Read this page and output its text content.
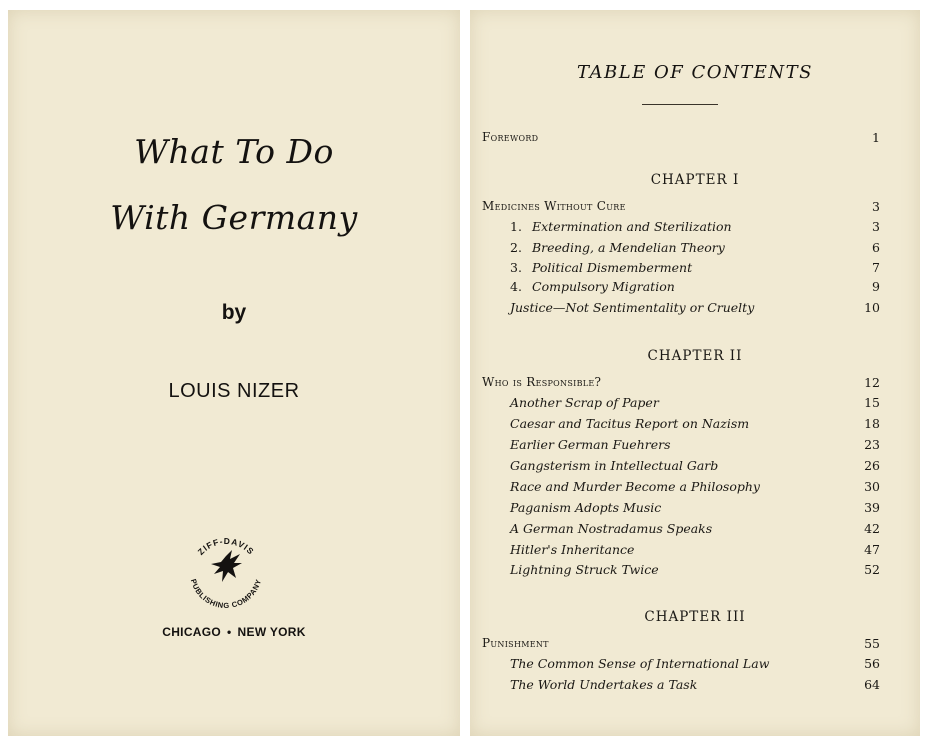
What To Do
With Germany
by
LOUIS NIZER
ZIFF-DAVIS
PUBLISHING COMPANY
CHICAGO • NEW YORK
TABLE OF CONTENTS
Foreword	1
CHAPTER I
Medicines Without Cure	3
1. Extermination and Sterilization	3
2. Breeding, a Mendelian Theory	6
3. Political Dismemberment	7
4. Compulsory Migration	9
Justice—Not Sentimentality or Cruelty	10
CHAPTER II
Who is Responsible?	12
Another Scrap of Paper	15
Caesar and Tacitus Report on Nazism	18
Earlier German Fuehrers	23
Gangsterism in Intellectual Garb	26
Race and Murder Become a Philosophy	30
Paganism Adopts Music	39
A German Nostradamus Speaks	42
Hitler's Inheritance	47
Lightning Struck Twice	52
CHAPTER III
Punishment	55
The Common Sense of International Law	56
The World Undertakes a Task	64
